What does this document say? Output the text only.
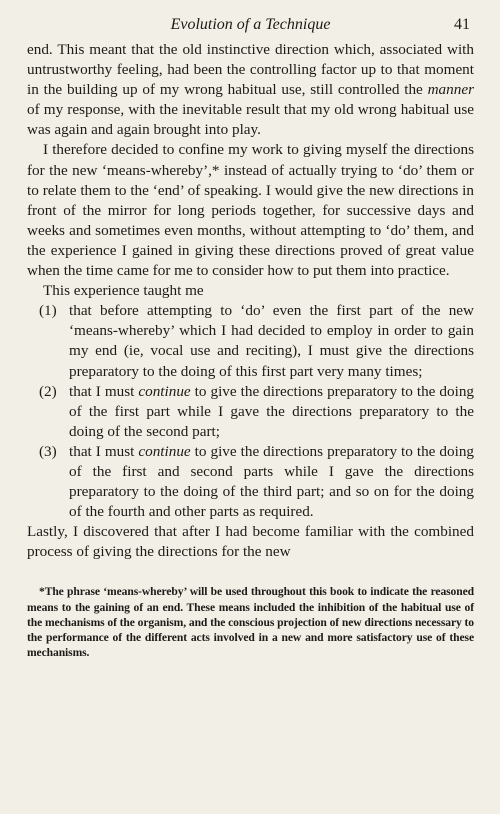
Evolution of a Technique	41

end. This meant that the old instinctive direction which, associated with untrustworthy feeling, had been the controlling factor up to that moment in the building up of my wrong habitual use, still controlled the manner of my response, with the inevitable result that my old wrong habitual use was again and again brought into play.

I therefore decided to confine my work to giving myself the directions for the new ‘means-whereby’,* instead of actually trying to ‘do’ them or to relate them to the ‘end’ of speaking. I would give the new directions in front of the mirror for long periods together, for successive days and weeks and sometimes even months, without attempting to ‘do’ them, and the experience I gained in giving these directions proved of great value when the time came for me to consider how to put them into practice.

This experience taught me

(1) that before attempting to ‘do’ even the first part of the new ‘means-whereby’ which I had decided to employ in order to gain my end (ie, vocal use and reciting), I must give the directions preparatory to the doing of this first part very many times;
(2) that I must continue to give the directions preparatory to the doing of the first part while I gave the directions preparatory to the doing of the second part;
(3) that I must continue to give the directions preparatory to the doing of the first and second parts while I gave the directions preparatory to the doing of the third part; and so on for the doing of the fourth and other parts as required.

Lastly, I discovered that after I had become familiar with the combined process of giving the directions for the new

*The phrase ‘means-whereby’ will be used throughout this book to indicate the reasoned means to the gaining of an end. These means included the inhibition of the habitual use of the mechanisms of the organism, and the conscious projection of new directions necessary to the performance of the different acts involved in a new and more satisfactory use of these mechanisms.
